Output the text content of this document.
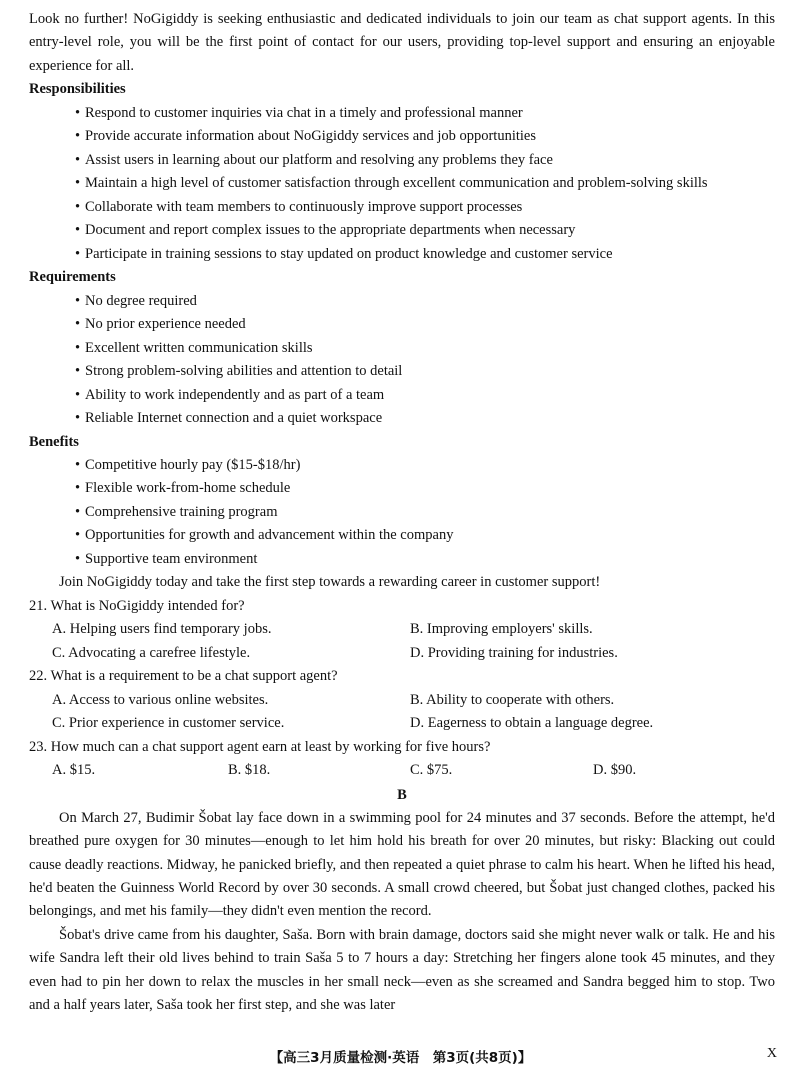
Look no further! NoGigiddy is seeking enthusiastic and dedicated individuals to join our team as chat support agents. In this entry-level role, you will be the first point of contact for our users, providing top-level support and ensuring an enjoyable experience for all.

Responsibilities
• Respond to customer inquiries via chat in a timely and professional manner
• Provide accurate information about NoGigiddy services and job opportunities
• Assist users in learning about our platform and resolving any problems they face
• Maintain a high level of customer satisfaction through excellent communication and problem-solving skills
• Collaborate with team members to continuously improve support processes
• Document and report complex issues to the appropriate departments when necessary
• Participate in training sessions to stay updated on product knowledge and customer service
Requirements
• No degree required
• No prior experience needed
• Excellent written communication skills
• Strong problem-solving abilities and attention to detail
• Ability to work independently and as part of a team
• Reliable Internet connection and a quiet workspace
Benefits
• Competitive hourly pay ($15-$18/hr)
• Flexible work-from-home schedule
• Comprehensive training program
• Opportunities for growth and advancement within the company
• Supportive team environment

Join NoGigiddy today and take the first step towards a rewarding career in customer support!

21. What is NoGigiddy intended for?
A. Helping users find temporary jobs.	B. Improving employers' skills.
C. Advocating a carefree lifestyle.	D. Providing training for industries.
22. What is a requirement to be a chat support agent?
A. Access to various online websites.	B. Ability to cooperate with others.
C. Prior experience in customer service.	D. Eagerness to obtain a language degree.
23. How much can a chat support agent earn at least by working for five hours?
A. $15.	B. $18.	C. $75.	D. $90.
B

On March 27, Budimir Šobat lay face down in a swimming pool for 24 minutes and 37 seconds. Before the attempt, he'd breathed pure oxygen for 30 minutes—enough to let him hold his breath for over 20 minutes, but risky: Blacking out could cause deadly reactions. Midway, he panicked briefly, and then repeated a quiet phrase to calm his heart. When he lifted his head, he'd beaten the Guinness World Record by over 30 seconds. A small crowd cheered, but Šobat just changed clothes, packed his belongings, and met his family—they didn't even mention the record.

Šobat's drive came from his daughter, Saša. Born with brain damage, doctors said she might never walk or talk. He and his wife Sandra left their old lives behind to train Saša 5 to 7 hours a day: Stretching her fingers alone took 45 minutes, and they even had to pin her down to relax the muscles in her small neck—even as she screamed and Sandra begged him to stop. Two and a half years later, Saša took her first step, and she was later

【高三3月质量检测·英语　第3页(共8页)】	X
